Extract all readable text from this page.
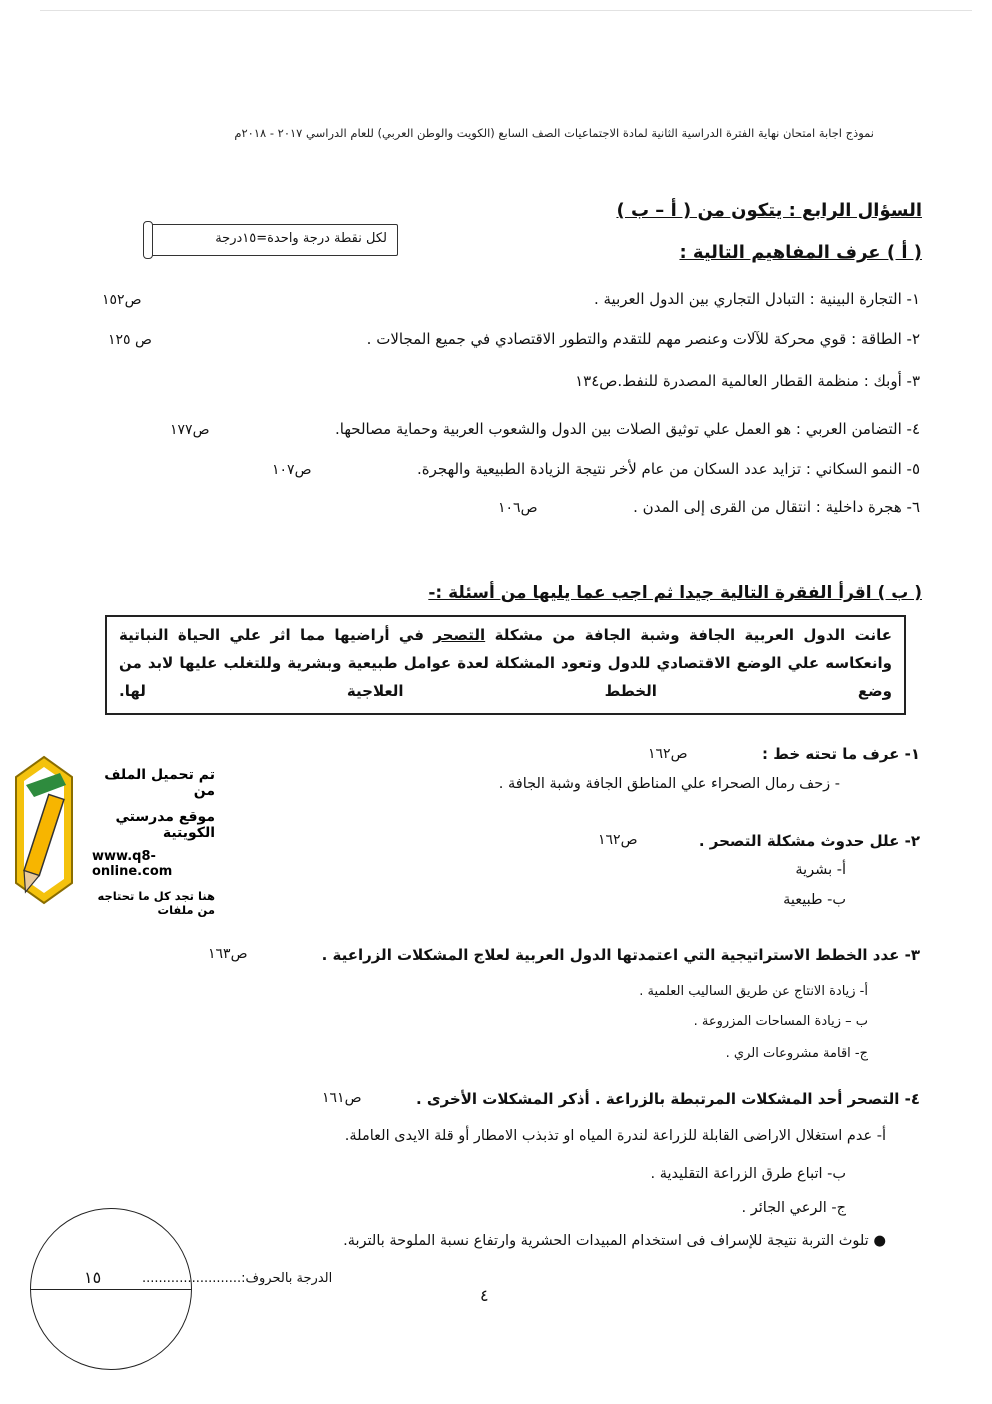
نموذج اجابة امتحان نهاية الفترة الدراسية الثانية لمادة الاجتماعيات الصف السابع (الكويت والوطن العربي) للعام الدراسي ٢٠١٧ - ٢٠١٨م
السؤال الرابع : يتكون من ( أ – ب )
لكل نقطة درجة واحدة=١٥درجة
( أ ) عرف المفاهيم التالية :
١- التجارة البينية : التبادل التجاري بين الدول العربية .
ص١٥٢
٢- الطاقة : قوي محركة للآلات وعنصر مهم للتقدم والتطور الاقتصادي في جميع المجالات .
ص ١٢٥
٣- أوبك : منظمة القطار العالمية المصدرة للنفط.ص١٣٤
٤- التضامن العربي : هو العمل علي توثيق الصلات بين الدول والشعوب العربية وحماية مصالحها.
ص١٧٧
٥- النمو السكاني : تزايد عدد السكان من عام لأخر نتيجة الزيادة الطبيعية والهجرة.
ص١٠٧
٦- هجرة داخلية : انتقال من القرى إلى المدن .
ص١٠٦
( ب ) اقرأ الفقرة التالية جيدا ثم اجب عما يليها من أسئلة :-
عانت الدول العربية الجافة وشبة الجافة من مشكلة التصحر في أراضيها مما اثر علي الحياة النباتية وانعكاسه علي الوضع الاقتصادي للدول وتعود المشكلة لعدة عوامل طبيعية وبشرية وللتغلب عليها لابد من وضع الخطط العلاجية لها.
١- عرف ما تحته خط :
ص١٦٢
- زحف رمال الصحراء علي المناطق الجافة وشبة الجافة .
٢- علل حدوث مشكلة التصحر .
ص١٦٢
أ- بشرية
ب- طبيعية
٣- عدد الخطط الاستراتيجية التي اعتمدتها الدول العربية لعلاج المشكلات الزراعية .
ص١٦٣
أ- زيادة الانتاج عن طريق الساليب العلمية .
ب – زيادة المساحات المزروعة .
ج- اقامة مشروعات الري .
٤- التصحر أحد المشكلات المرتبطة بالزراعة . أذكر المشكلات الأخرى .
ص١٦١
أ- عدم استغلال الاراضى القابلة للزراعة لندرة المياه او تذبذب الامطار أو قلة الايدى العاملة.
ب- اتباع طرق الزراعة التقليدية .
ج- الرعي الجائر .
● تلوث التربة نتيجة للإسراف فى استخدام المبيدات الحشرية وارتفاع نسبة الملوحة بالتربة.
تم تحميل الملف من
موقع مدرستي الكويتية
www.q8-online.com
هنا تجد كل ما تحتاجه من ملفات
١٥	الدرجة بالحروف:........................
٤
